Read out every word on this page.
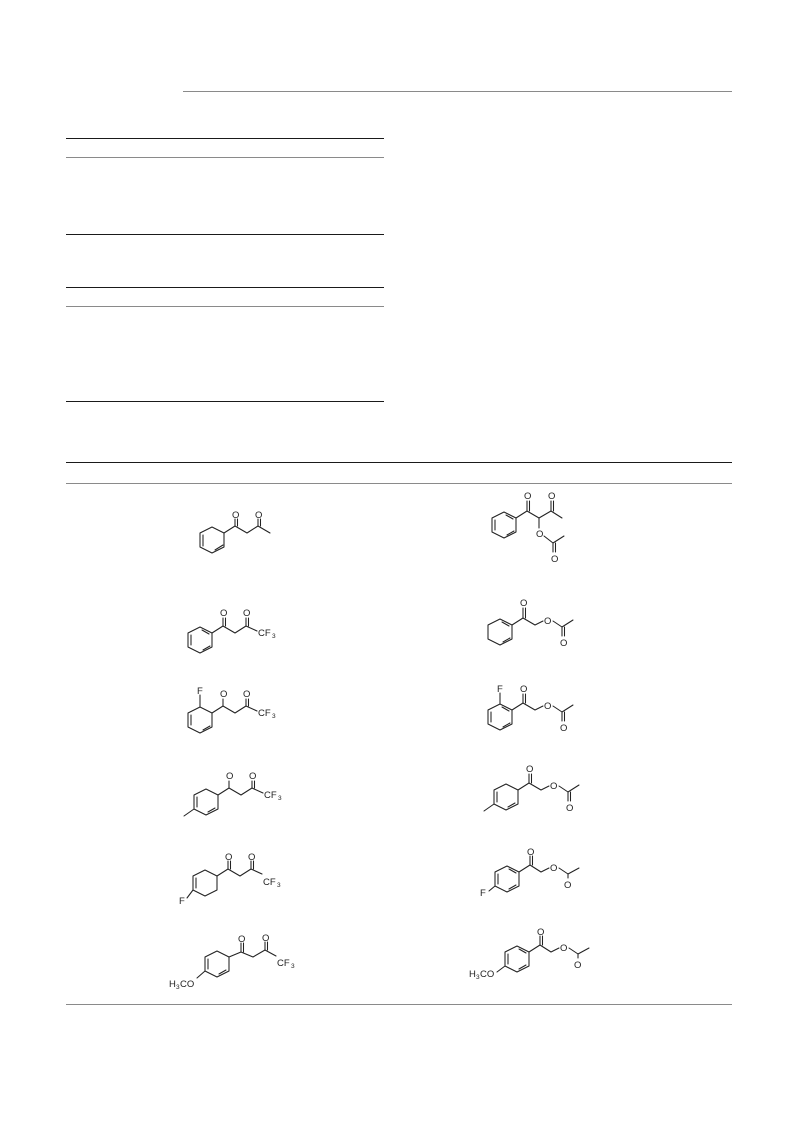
O O
O O
O
O
O O
CF 3
O
O
O
F O O
CF 3
F O
O
O
O O
CF 3
O
O
O
F
O O
CF 3
F
O
O
O
H 3 CO
O O
CF 3
H 3 CO
O
O
O
